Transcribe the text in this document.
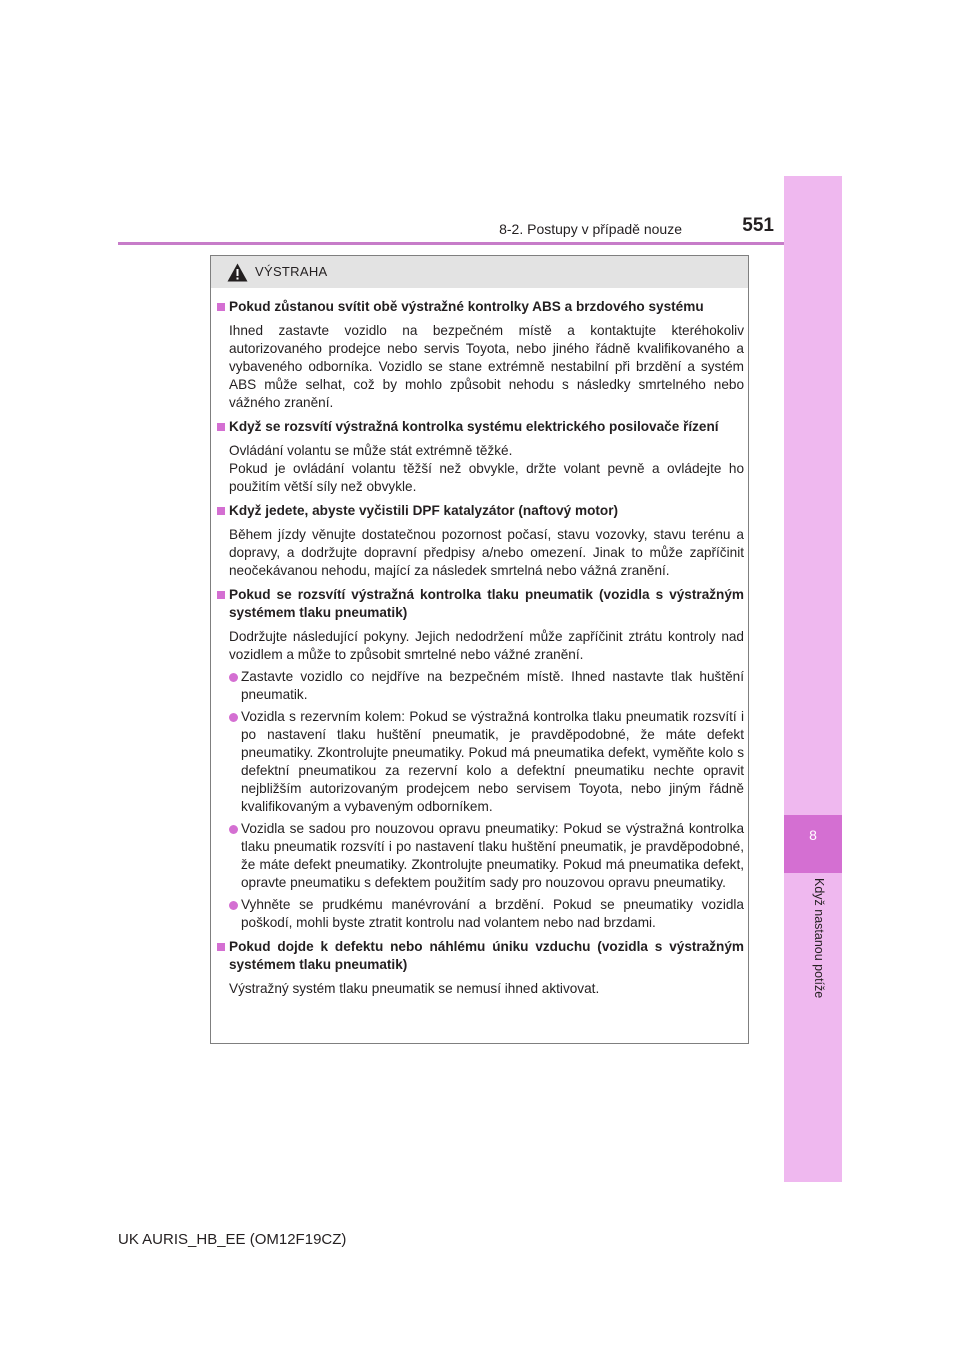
8
Když nastanou potíže
8-2. Postupy v případě nouze	551
VÝSTRAHA
Pokud zůstanou svítit obě výstražné kontrolky ABS a brzdového systému
Ihned zastavte vozidlo na bezpečném místě a kontaktujte kteréhokoliv autorizovaného prodejce nebo servis Toyota, nebo jiného řádně kvalifikovaného a vybaveného odborníka. Vozidlo se stane extrémně nestabilní při brzdění a systém ABS může selhat, což by mohlo způsobit nehodu s následky smrtelného nebo vážného zranění.
Když se rozsvítí výstražná kontrolka systému elektrického posilovače řízení
Ovládání volantu se může stát extrémně těžké.
Pokud je ovládání volantu těžší než obvykle, držte volant pevně a ovládejte ho použitím větší síly než obvykle.
Když jedete, abyste vyčistili DPF katalyzátor (naftový motor)
Během jízdy věnujte dostatečnou pozornost počasí, stavu vozovky, stavu terénu a dopravy, a dodržujte dopravní předpisy a/nebo omezení. Jinak to může zapříčinit neočekávanou nehodu, mající za následek smrtelná nebo vážná zranění.
Pokud se rozsvítí výstražná kontrolka tlaku pneumatik (vozidla s výstražným systémem tlaku pneumatik)
Dodržujte následující pokyny. Jejich nedodržení může zapříčinit ztrátu kontroly nad vozidlem a může to způsobit smrtelné nebo vážné zranění.
Zastavte vozidlo co nejdříve na bezpečném místě. Ihned nastavte tlak huštění pneumatik.
Vozidla s rezervním kolem: Pokud se výstražná kontrolka tlaku pneumatik rozsvítí i po nastavení tlaku huštění pneumatik, je pravděpodobné, že máte defekt pneumatiky. Zkontrolujte pneumatiky. Pokud má pneumatika defekt, vyměňte kolo s defektní pneumatikou za rezervní kolo a defektní pneumatiku nechte opravit nejbližším autorizovaným prodejcem nebo servisem Toyota, nebo jiným řádně kvalifikovaným a vybaveným odborníkem.
Vozidla se sadou pro nouzovou opravu pneumatiky: Pokud se výstražná kontrolka tlaku pneumatik rozsvítí i po nastavení tlaku huštění pneumatik, je pravděpodobné, že máte defekt pneumatiky. Zkontrolujte pneumatiky. Pokud má pneumatika defekt, opravte pneumatiku s defektem použitím sady pro nouzovou opravu pneumatiky.
Vyhněte se prudkému manévrování a brzdění. Pokud se pneumatiky vozidla poškodí, mohli byste ztratit kontrolu nad volantem nebo nad brzdami.
Pokud dojde k defektu nebo náhlému úniku vzduchu (vozidla s výstražným systémem tlaku pneumatik)
Výstražný systém tlaku pneumatik se nemusí ihned aktivovat.
UK AURIS_HB_EE (OM12F19CZ)
